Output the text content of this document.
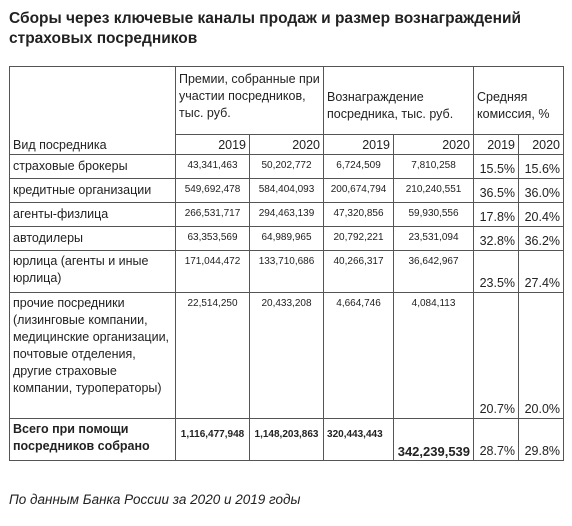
Сборы через ключевые каналы продаж и размер вознаграждений страховых посредников
Вид посредника	Премии, собранные при участии посредников, тыс. руб.		Вознаграждение посредника, тыс. руб.		Средняя комиссия, %	
	2019	2020	2019	2020	2019	2020
страховые брокеры	43,341,463	50,202,772	6,724,509	7,810,258	15.5%	15.6%
кредитные организации	549,692,478	584,404,093	200,674,794	210,240,551	36.5%	36.0%
агенты-физлица	266,531,717	294,463,139	47,320,856	59,930,556	17.8%	20.4%
автодилеры	63,353,569	64,989,965	20,792,221	23,531,094	32.8%	36.2%
юрлица (агенты и иные юрлица)	171,044,472	133,710,686	40,266,317	36,642,967	23.5%	27.4%
прочие посредники (лизинговые компании, медицинские организации, почтовые отделения, другие страховые компании, туроператоры)	22,514,250	20,433,208	4,664,746	4,084,113	20.7%	20.0%
Всего при помощи посредников собрано	1,116,477,948	1,148,203,863	320,443,443	342,239,539	28.7%	29.8%
По данным Банка России за 2020 и 2019 годы
